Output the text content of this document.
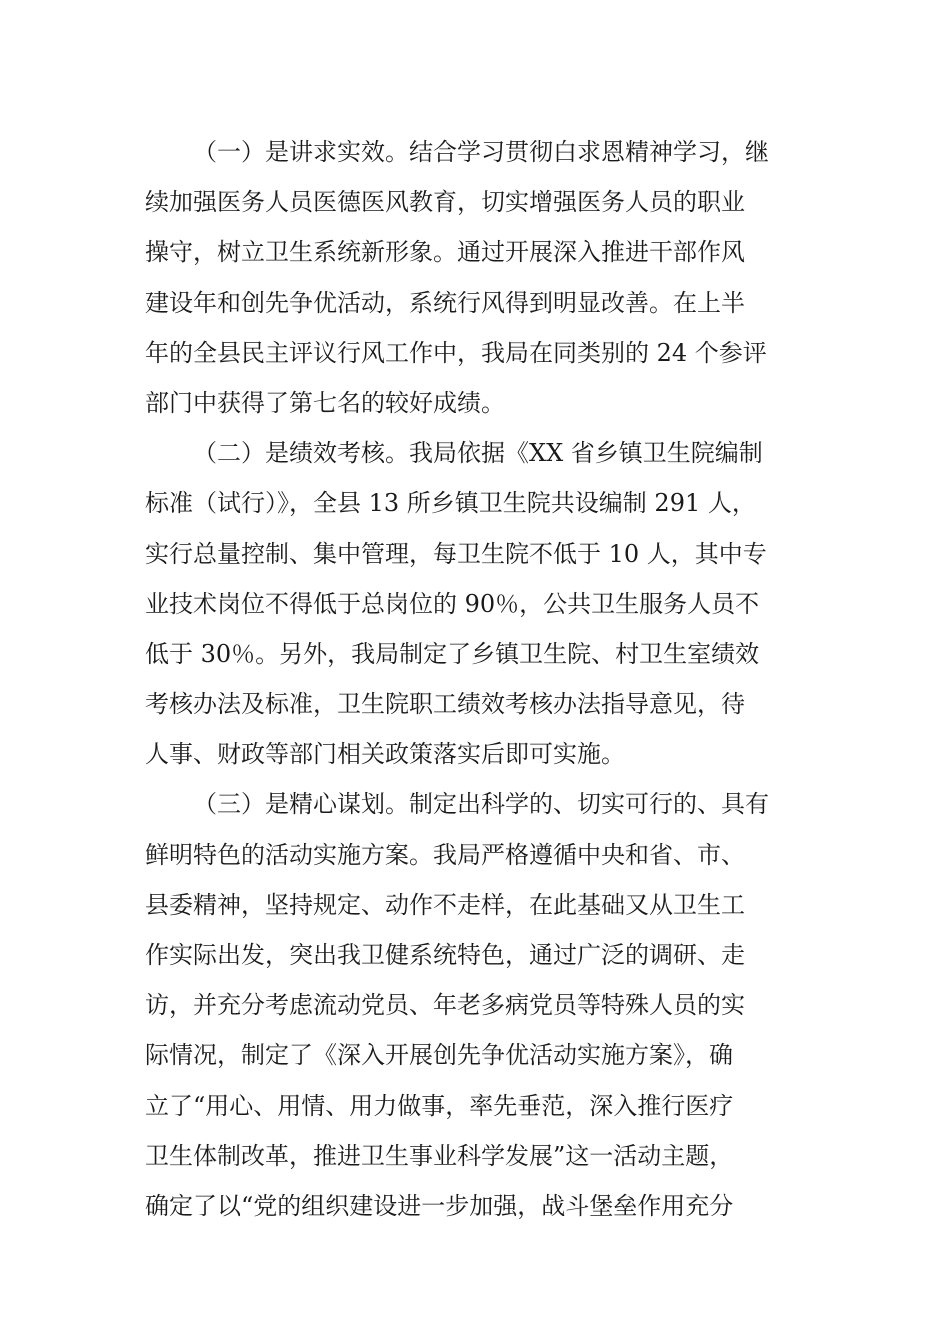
（一）是讲求实效。结合学习贯彻白求恩精神学习，继
续加强医务人员医德医风教育，切实增强医务人员的职业
操守，树立卫生系统新形象。通过开展深入推进干部作风
建设年和创先争优活动，系统行风得到明显改善。在上半
年的全县民主评议行风工作中，我局在同类别的 24 个参评
部门中获得了第七名的较好成绩。
（二）是绩效考核。我局依据《XX 省乡镇卫生院编制
标准（试行）》，全县 13 所乡镇卫生院共设编制 291 人，
实行总量控制、集中管理，每卫生院不低于 10 人，其中专
业技术岗位不得低于总岗位的 90％，公共卫生服务人员不
低于 30％。另外，我局制定了乡镇卫生院、村卫生室绩效
考核办法及标准，卫生院职工绩效考核办法指导意见，待
人事、财政等部门相关政策落实后即可实施。
（三）是精心谋划。制定出科学的、切实可行的、具有
鲜明特色的活动实施方案。我局严格遵循中央和省、市、
县委精神，坚持规定、动作不走样，在此基础又从卫生工
作实际出发，突出我卫健系统特色，通过广泛的调研、走
访，并充分考虑流动党员、年老多病党员等特殊人员的实
际情况，制定了《深入开展创先争优活动实施方案》，确
立了“用心、用情、用力做事，率先垂范，深入推行医疗
卫生体制改革，推进卫生事业科学发展”这一活动主题，
确定了以“党的组织建设进一步加强，战斗堡垒作用充分
